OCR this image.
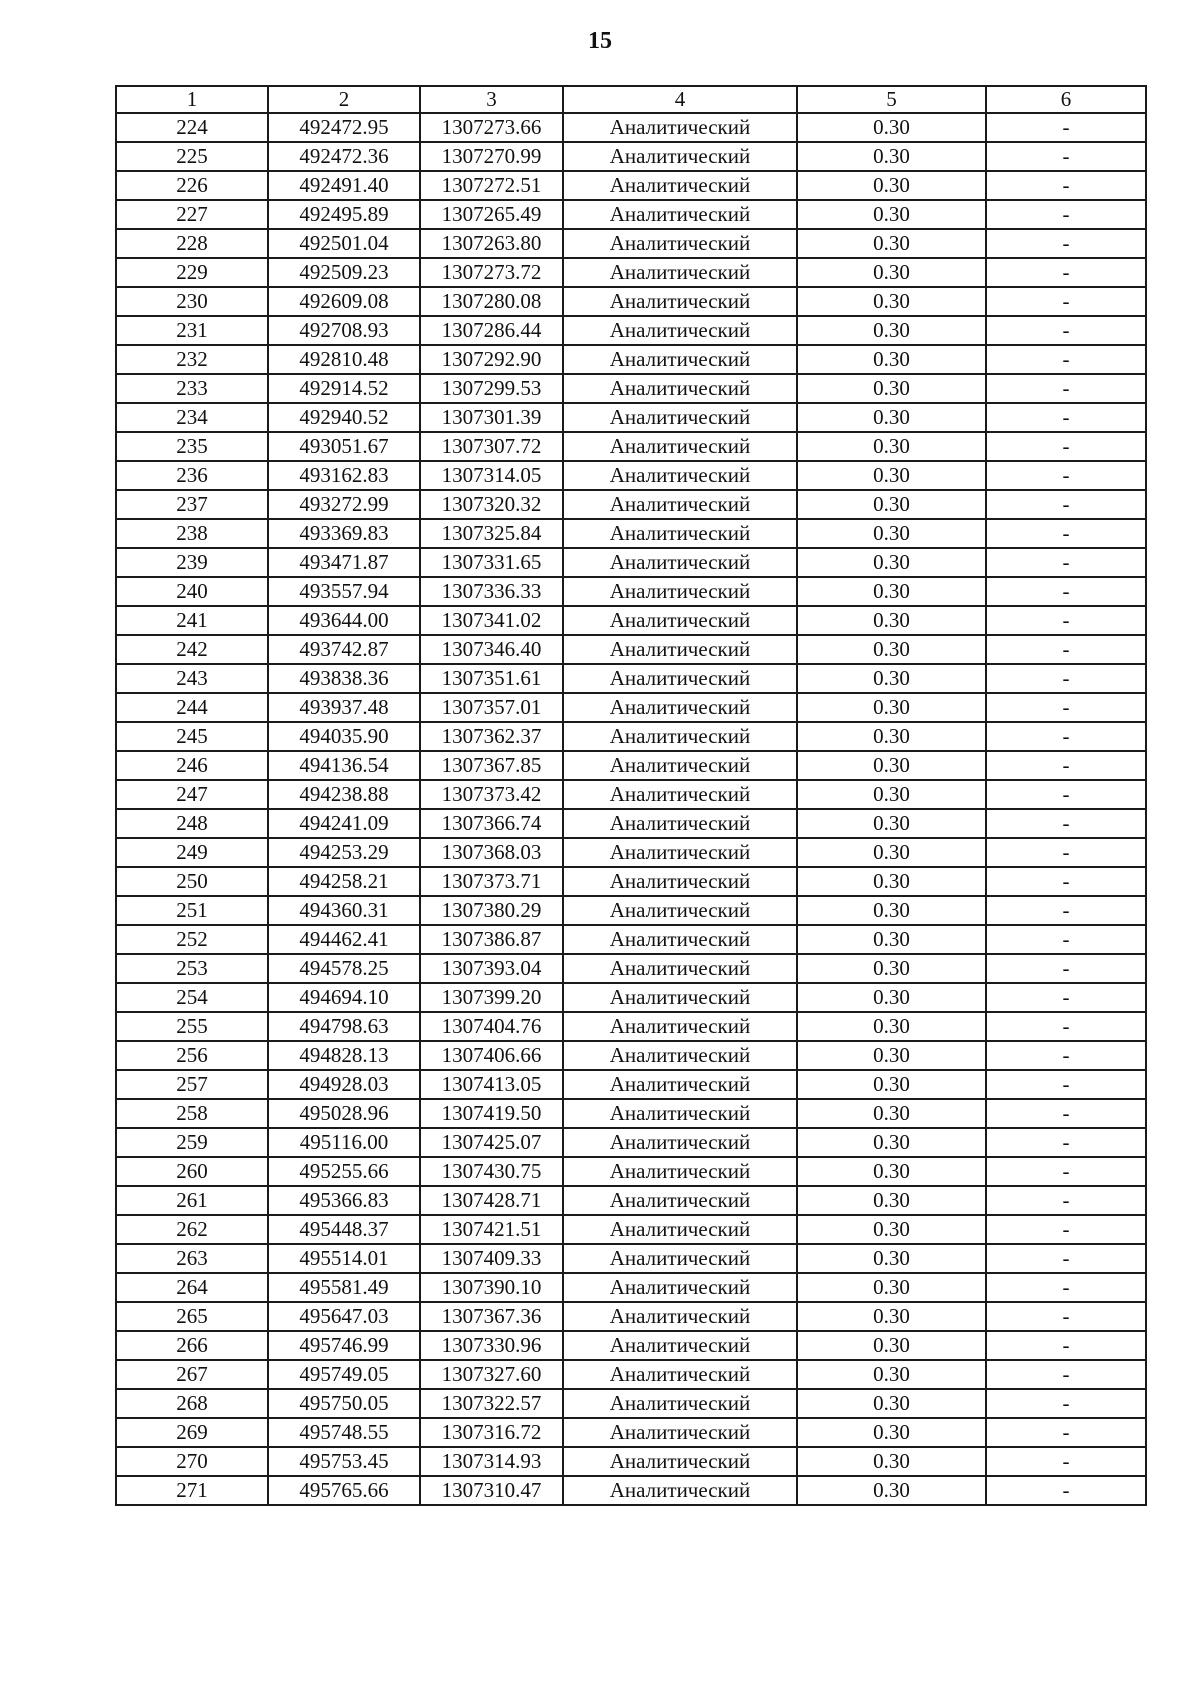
15
1	2	3	4	5	6
224	492472.95	1307273.66	Аналитический	0.30	-
225	492472.36	1307270.99	Аналитический	0.30	-
226	492491.40	1307272.51	Аналитический	0.30	-
227	492495.89	1307265.49	Аналитический	0.30	-
228	492501.04	1307263.80	Аналитический	0.30	-
229	492509.23	1307273.72	Аналитический	0.30	-
230	492609.08	1307280.08	Аналитический	0.30	-
231	492708.93	1307286.44	Аналитический	0.30	-
232	492810.48	1307292.90	Аналитический	0.30	-
233	492914.52	1307299.53	Аналитический	0.30	-
234	492940.52	1307301.39	Аналитический	0.30	-
235	493051.67	1307307.72	Аналитический	0.30	-
236	493162.83	1307314.05	Аналитический	0.30	-
237	493272.99	1307320.32	Аналитический	0.30	-
238	493369.83	1307325.84	Аналитический	0.30	-
239	493471.87	1307331.65	Аналитический	0.30	-
240	493557.94	1307336.33	Аналитический	0.30	-
241	493644.00	1307341.02	Аналитический	0.30	-
242	493742.87	1307346.40	Аналитический	0.30	-
243	493838.36	1307351.61	Аналитический	0.30	-
244	493937.48	1307357.01	Аналитический	0.30	-
245	494035.90	1307362.37	Аналитический	0.30	-
246	494136.54	1307367.85	Аналитический	0.30	-
247	494238.88	1307373.42	Аналитический	0.30	-
248	494241.09	1307366.74	Аналитический	0.30	-
249	494253.29	1307368.03	Аналитический	0.30	-
250	494258.21	1307373.71	Аналитический	0.30	-
251	494360.31	1307380.29	Аналитический	0.30	-
252	494462.41	1307386.87	Аналитический	0.30	-
253	494578.25	1307393.04	Аналитический	0.30	-
254	494694.10	1307399.20	Аналитический	0.30	-
255	494798.63	1307404.76	Аналитический	0.30	-
256	494828.13	1307406.66	Аналитический	0.30	-
257	494928.03	1307413.05	Аналитический	0.30	-
258	495028.96	1307419.50	Аналитический	0.30	-
259	495116.00	1307425.07	Аналитический	0.30	-
260	495255.66	1307430.75	Аналитический	0.30	-
261	495366.83	1307428.71	Аналитический	0.30	-
262	495448.37	1307421.51	Аналитический	0.30	-
263	495514.01	1307409.33	Аналитический	0.30	-
264	495581.49	1307390.10	Аналитический	0.30	-
265	495647.03	1307367.36	Аналитический	0.30	-
266	495746.99	1307330.96	Аналитический	0.30	-
267	495749.05	1307327.60	Аналитический	0.30	-
268	495750.05	1307322.57	Аналитический	0.30	-
269	495748.55	1307316.72	Аналитический	0.30	-
270	495753.45	1307314.93	Аналитический	0.30	-
271	495765.66	1307310.47	Аналитический	0.30	-
